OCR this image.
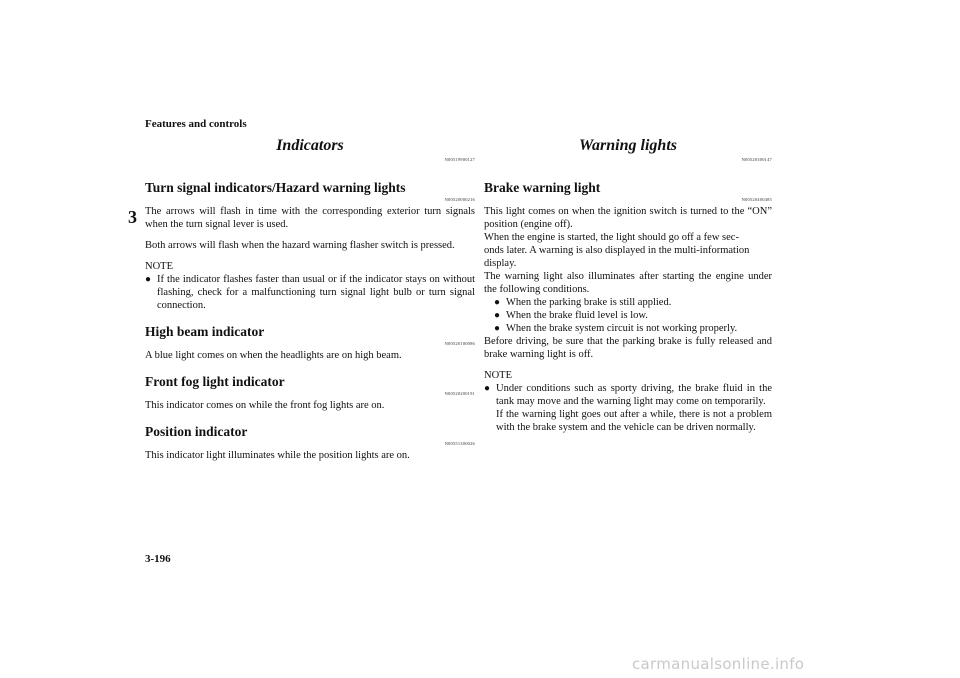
Features and controls
3

Indicators

N00519900127

Turn signal indicators/Hazard warning lights

N00520000216

The arrows will flash in time with the corresponding exterior turn signals when the turn signal lever is used.

Both arrows will flash when the hazard warning flasher switch is pressed.

NOTE

● If the indicator flashes faster than usual or if the indicator stays on without flashing, check for a malfunctioning turn signal light bulb or turn signal connection.

High beam indicator

N00520100086

A blue light comes on when the headlights are on high beam.

Front fog light indicator

N00520200191

This indicator comes on while the front fog lights are on.

Position indicator

N00551300026

This indicator light illuminates while the position lights are on.

Warning lights

N00520300147

Brake warning light

N00520400485

This light comes on when the ignition switch is turned to the “ON” position (engine off).

When the engine is started, the light should go off a few sec-
onds later. A warning is also displayed in the multi-information
display.

The warning light also illuminates after starting the engine under the following conditions.

● When the parking brake is still applied.
● When the brake fluid level is low.
● When the brake system circuit is not working properly.

Before driving, be sure that the parking brake is fully released and brake warning light is off.

NOTE

● Under conditions such as sporty driving, the brake fluid in the tank may move and the warning light may come on temporarily.
If the warning light goes out after a while, there is not a problem with the brake system and the vehicle can be driven normally.
3-196
carmanualsonline.info
